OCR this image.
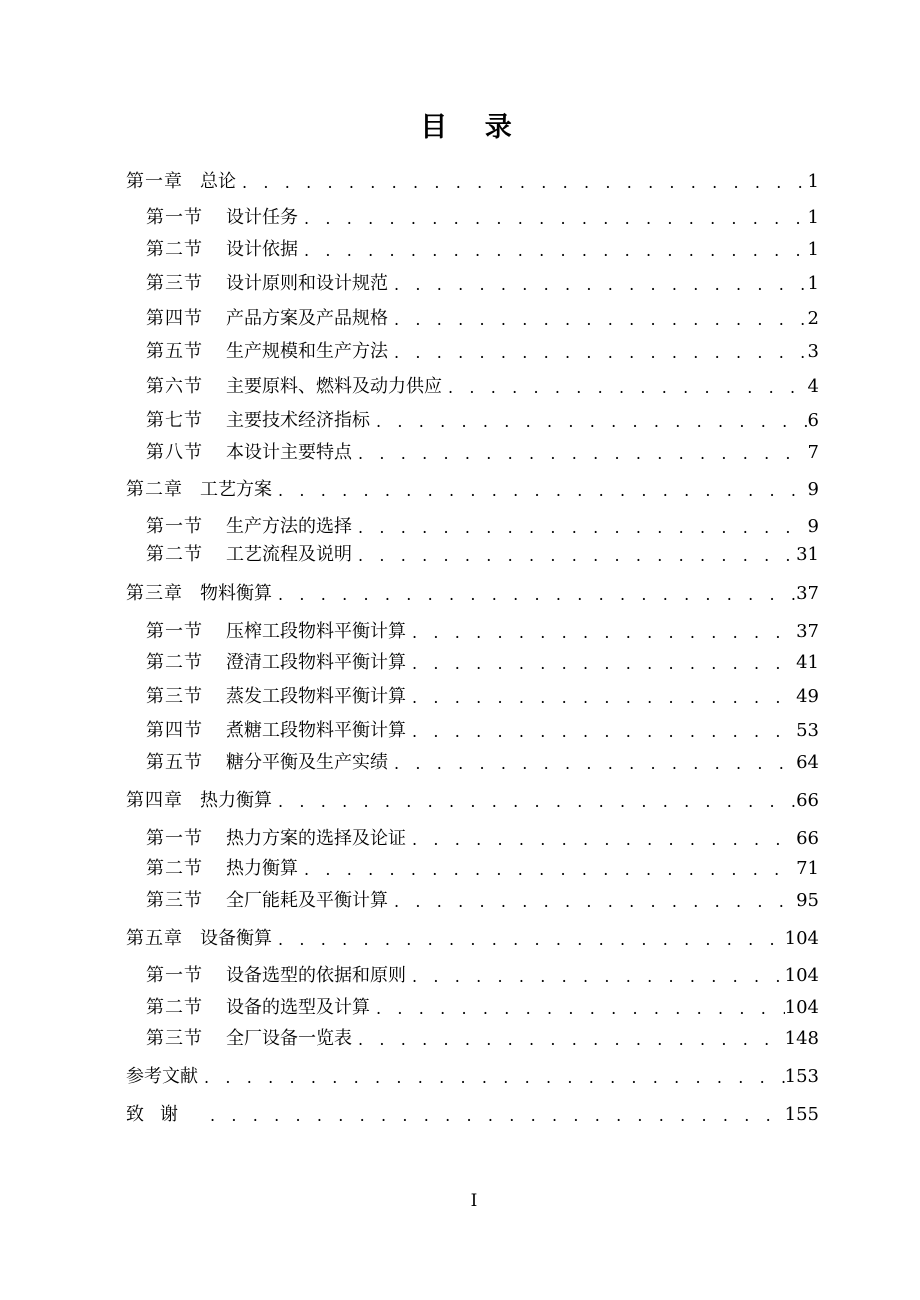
目 录
第一章 总论 . . .	1
第一节 设计任务 . . .	1
第二节 设计依据 . . .	1
第三节 设计原则和设计规范 . . .	1
第四节 产品方案及产品规格 . . .	2
第五节 生产规模和生产方法 . . .	3
第六节 主要原料、燃料及动力供应 . . .	4
第七节 主要技术经济指标 . . .	6
第八节 本设计主要特点 . . .	7
第二章 工艺方案 . . .	9
第一节 生产方法的选择 . . .	9
第二节 工艺流程及说明 . . .	31
第三章 物料衡算 . . .	37
第一节 压榨工段物料平衡计算 . . .	37
第二节 澄清工段物料平衡计算 . . .	41
第三节 蒸发工段物料平衡计算 . . .	49
第四节 煮糖工段物料平衡计算 . . .	53
第五节 糖分平衡及生产实绩 . . .	64
第四章 热力衡算 . . .	66
第一节 热力方案的选择及论证 . . .	66
第二节 热力衡算 . . .	71
第三节 全厂能耗及平衡计算 . . .	95
第五章 设备衡算 . . .	104
第一节 设备选型的依据和原则 . . .	104
第二节 设备的选型及计算 . . .	104
第三节 全厂设备一览表 . . .	148
参考文献 . . .	153
致谢 . . .	155
I
